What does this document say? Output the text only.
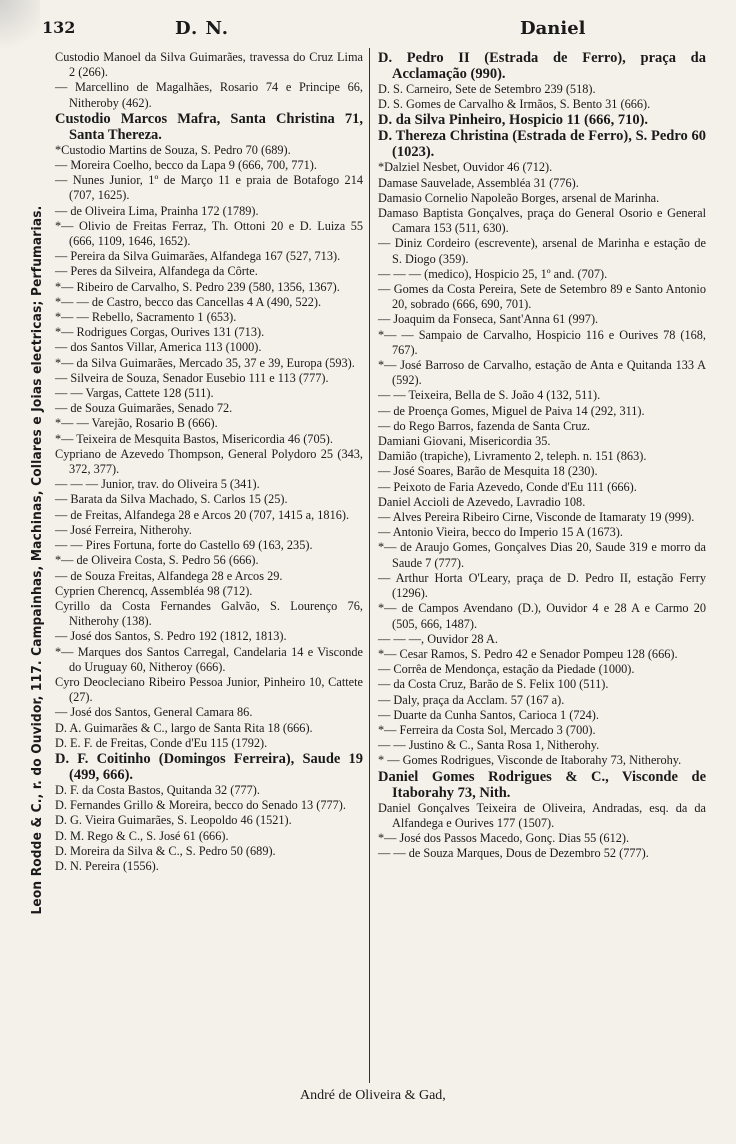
132	D. N.	Daniel
Leon Rodde & C., r. do Ouvidor, 117. Campainhas, Machinas, Collares e Joias electricas; Perfumarias.
Custodio Manoel da Silva Guimarães, travessa do Cruz Lima 2 (266).
— Marcellino de Magalhães, Rosario 74 e Principe 66, Nitheroby (462).
Custodio Marcos Mafra, Santa Christina 71, Santa Thereza.
*Custodio Martins de Souza, S. Pedro 70 (689).
— Moreira Coelho, becco da Lapa 9 (666, 700, 771).
— Nunes Junior, 1º de Março 11 e praia de Botafogo 214 (707, 1625).
— de Oliveira Lima, Prainha 172 (1789).
*— Olivio de Freitas Ferraz, Th. Ottoni 20 e D. Luiza 55 (666, 1109, 1646, 1652).
— Pereira da Silva Guimarães, Alfandega 167 (527, 713).
— Peres da Silveira, Alfandega da Côrte.
*— Ribeiro de Carvalho, S. Pedro 239 (580, 1356, 1367).
*— — de Castro, becco das Cancellas 4 A (490, 522).
*— — Rebello, Sacramento 1 (653).
*— Rodrigues Corgas, Ourives 131 (713).
— dos Santos Villar, America 113 (1000).
*— da Silva Guimarães, Mercado 35, 37 e 39, Europa (593).
— Silveira de Souza, Senador Eusebio 111 e 113 (777).
— — Vargas, Cattete 128 (511).
— de Souza Guimarães, Senado 72.
*— — Varejão, Rosario B (666).
*— Teixeira de Mesquita Bastos, Misericordia 46 (705).
Cypriano de Azevedo Thompson, General Polydoro 25 (343, 372, 377).
— — — Junior, trav. do Oliveira 5 (341).
— Barata da Silva Machado, S. Carlos 15 (25).
— de Freitas, Alfandega 28 e Arcos 20 (707, 1415 a, 1816).
— José Ferreira, Nitherohy.
— — Pires Fortuna, forte do Castello 69 (163, 235).
*— de Oliveira Costa, S. Pedro 56 (666).
— de Souza Freitas, Alfandega 28 e Arcos 29.
Cyprien Cherencq, Assembléa 98 (712).
Cyrillo da Costa Fernandes Galvão, S. Lourenço 76, Nitherohy (138).
— José dos Santos, S. Pedro 192 (1812, 1813).
*— Marques dos Santos Carregal, Candelaria 14 e Visconde do Uruguay 60, Nitheroy (666).
Cyro Deocleciano Ribeiro Pessoa Junior, Pinheiro 10, Cattete (27).
— José dos Santos, General Camara 86.
D. A. Guimarães & C., largo de Santa Rita 18 (666).
D. E. F. de Freitas, Conde d'Eu 115 (1792).
D. F. Coitinho (Domingos Ferreira), Saude 19 (499, 666).
D. F. da Costa Bastos, Quitanda 32 (777).
D. Fernandes Grillo & Moreira, becco do Senado 13 (777).
D. G. Vieira Guimarães, S. Leopoldo 46 (1521).
D. M. Rego & C., S. José 61 (666).
D. Moreira da Silva & C., S. Pedro 50 (689).
D. N. Pereira (1556).
D. Pedro II (Estrada de Ferro), praça da Acclamação (990).
D. S. Carneiro, Sete de Setembro 239 (518).
D. S. Gomes de Carvalho & Irmãos, S. Bento 31 (666).
D. da Silva Pinheiro, Hospicio 11 (666, 710).
D. Thereza Christina (Estrada de Ferro), S. Pedro 60 (1023).
*Dalziel Nesbet, Ouvidor 46 (712).
Damase Sauvelade, Assembléa 31 (776).
Damasio Cornelio Napoleão Borges, arsenal de Marinha.
Damaso Baptista Gonçalves, praça do General Osorio e General Camara 153 (511, 630).
— Diniz Cordeiro (escrevente), arsenal de Marinha e estação de S. Diogo (359).
— — — (medico), Hospicio 25, 1º and. (707).
— Gomes da Costa Pereira, Sete de Setembro 89 e Santo Antonio 20, sobrado (666, 690, 701).
— Joaquim da Fonseca, Sant'Anna 61 (997).
*— — Sampaio de Carvalho, Hospicio 116 e Ourives 78 (168, 767).
*— José Barroso de Carvalho, estação de Anta e Quitanda 133 A (592).
— — Teixeira, Bella de S. João 4 (132, 511).
— de Proença Gomes, Miguel de Paiva 14 (292, 311).
— do Rego Barros, fazenda de Santa Cruz.
Damiani Giovani, Misericordia 35.
Damião (trapiche), Livramento 2, teleph. n. 151 (863).
— José Soares, Barão de Mesquita 18 (230).
— Peixoto de Faria Azevedo, Conde d'Eu 111 (666).
Daniel Accioli de Azevedo, Lavradio 108.
— Alves Pereira Ribeiro Cirne, Visconde de Itamaraty 19 (999).
— Antonio Vieira, becco do Imperio 15 A (1673).
*— de Araujo Gomes, Gonçalves Dias 20, Saude 319 e morro da Saude 7 (777).
— Arthur Horta O'Leary, praça de D. Pedro II, estação Ferry (1296).
*— de Campos Avendano (D.), Ouvidor 4 e 28 A e Carmo 20 (505, 666, 1487).
— — —, Ouvidor 28 A.
*— Cesar Ramos, S. Pedro 42 e Senador Pompeu 128 (666).
— Corrêa de Mendonça, estação da Piedade (1000).
— da Costa Cruz, Barão de S. Felix 100 (511).
— Daly, praça da Acclam. 57 (167 a).
— Duarte da Cunha Santos, Carioca 1 (724).
*— Ferreira da Costa Sol, Mercado 3 (700).
— — Justino & C., Santa Rosa 1, Nitherohy.
* — Gomes Rodrigues, Visconde de Itaborahy 73, Nitherohy.
Daniel Gomes Rodrigues & C., Visconde de Itaborahy 73, Nith.
Daniel Gonçalves Teixeira de Oliveira, Andradas, esq. da da Alfandega e Ourives 177 (1507).
*— José dos Passos Macedo, Gonç. Dias 55 (612).
— — de Souza Marques, Dous de Dezembro 52 (777).
André de Oliveira & Gad,
